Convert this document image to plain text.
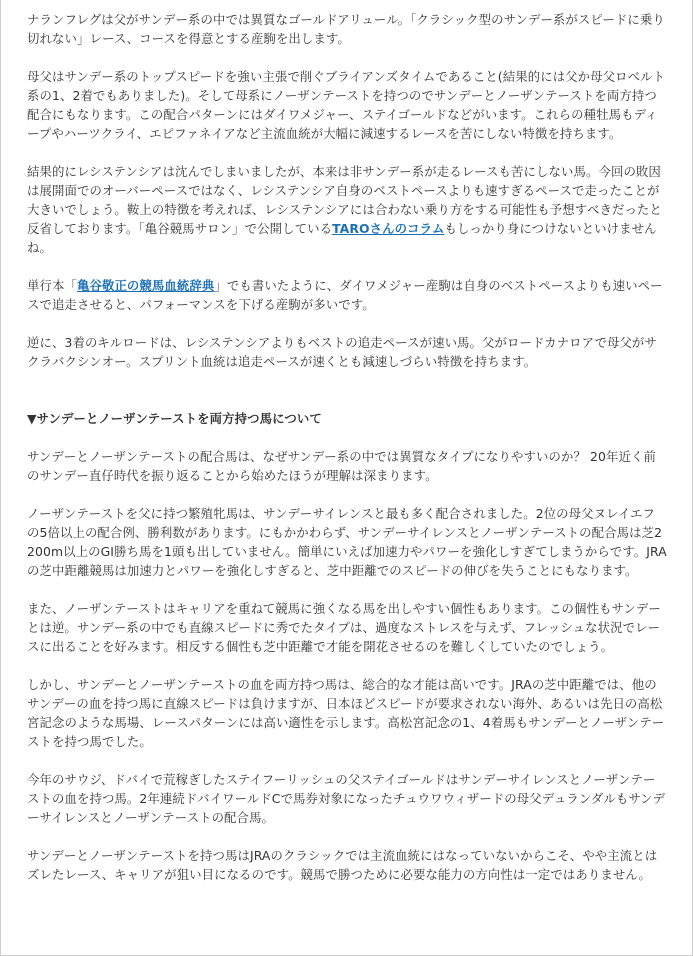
ナランフレグは父がサンデー系の中では異質なゴールドアリュール。「クラシック型のサンデー系がスピードに乗り切れない」レース、コースを得意とする産駒を出します。

母父はサンデー系のトップスピードを強い主張で削ぐブライアンズタイムであること(結果的には父か母父ロベルト系の1、2着でもありました)。そして母系にノーザンテーストを持つのでサンデーとノーザンテーストを両方持つ配合にもなります。この配合パターンにはダイワメジャー、ステイゴールドなどがいます。これらの種牡馬もディープやハーツクライ、エピファネイアなど主流血統が大幅に減速するレースを苦にしない特徴を持ちます。

結果的にレシステンシアは沈んでしまいましたが、本来は非サンデー系が走るレースも苦にしない馬。今回の敗因は展開面でのオーバーペースではなく、レシステンシア自身のベストペースよりも速すぎるペースで走ったことが大きいでしょう。鞍上の特徴を考えれば、レシステンシアには合わない乗り方をする可能性も予想すべきだったと反省しております。「亀谷競馬サロン」で公開しているTAROさんのコラムもしっかり身につけないといけませんね。

単行本「亀谷敬正の競馬血統辞典」でも書いたように、ダイワメジャー産駒は自身のベストペースよりも速いペースで追走させると、パフォーマンスを下げる産駒が多いです。

逆に、3着のキルロードは、レシステンシアよりもベストの追走ペースが速い馬。父がロードカナロアで母父がサクラバクシンオー。スプリント血統は追走ペースが速くとも減速しづらい特徴を持ちます。

▼サンデーとノーザンテーストを両方持つ馬について

サンデーとノーザンテーストの配合馬は、なぜサンデー系の中では異質なタイプになりやすいのか？ 20年近く前のサンデー直仔時代を振り返ることから始めたほうが理解は深まります。

ノーザンテーストを父に持つ繁殖牝馬は、サンデーサイレンスと最も多く配合されました。2位の母父ヌレイエフの5倍以上の配合例、勝利数があります。にもかかわらず、サンデーサイレンスとノーザンテーストの配合馬は芝2200m以上のGI勝ち馬を1頭も出していません。簡単にいえば加速力やパワーを強化しすぎてしまうからです。JRAの芝中距離競馬は加速力とパワーを強化しすぎると、芝中距離でのスピードの伸びを失うことにもなります。

また、ノーザンテーストはキャリアを重ねて競馬に強くなる馬を出しやすい個性もあります。この個性もサンデーとは逆。サンデー系の中でも直線スピードに秀でたタイプは、過度なストレスを与えず、フレッシュな状況でレースに出ることを好みます。相反する個性も芝中距離で才能を開花させるのを難しくしていたのでしょう。

しかし、サンデーとノーザンテーストの血を両方持つ馬は、総合的な才能は高いです。JRAの芝中距離では、他のサンデーの血を持つ馬に直線スピードは負けますが、日本ほどスピードが要求されない海外、あるいは先日の高松宮記念のような馬場、レースパターンには高い適性を示します。高松宮記念の1、4着馬もサンデーとノーザンテーストを持つ馬でした。

今年のサウジ、ドバイで荒稼ぎしたステイフーリッシュの父ステイゴールドはサンデーサイレンスとノーザンテーストの血を持つ馬。2年連続ドバイワールドCで馬券対象になったチュウワウィザードの母父デュランダルもサンデーサイレンスとノーザンテーストの配合馬。

サンデーとノーザンテーストを持つ馬はJRAのクラシックでは主流血統にはなっていないからこそ、やや主流とはズレたレース、キャリアが狙い目になるのです。競馬で勝つために必要な能力の方向性は一定ではありません。
